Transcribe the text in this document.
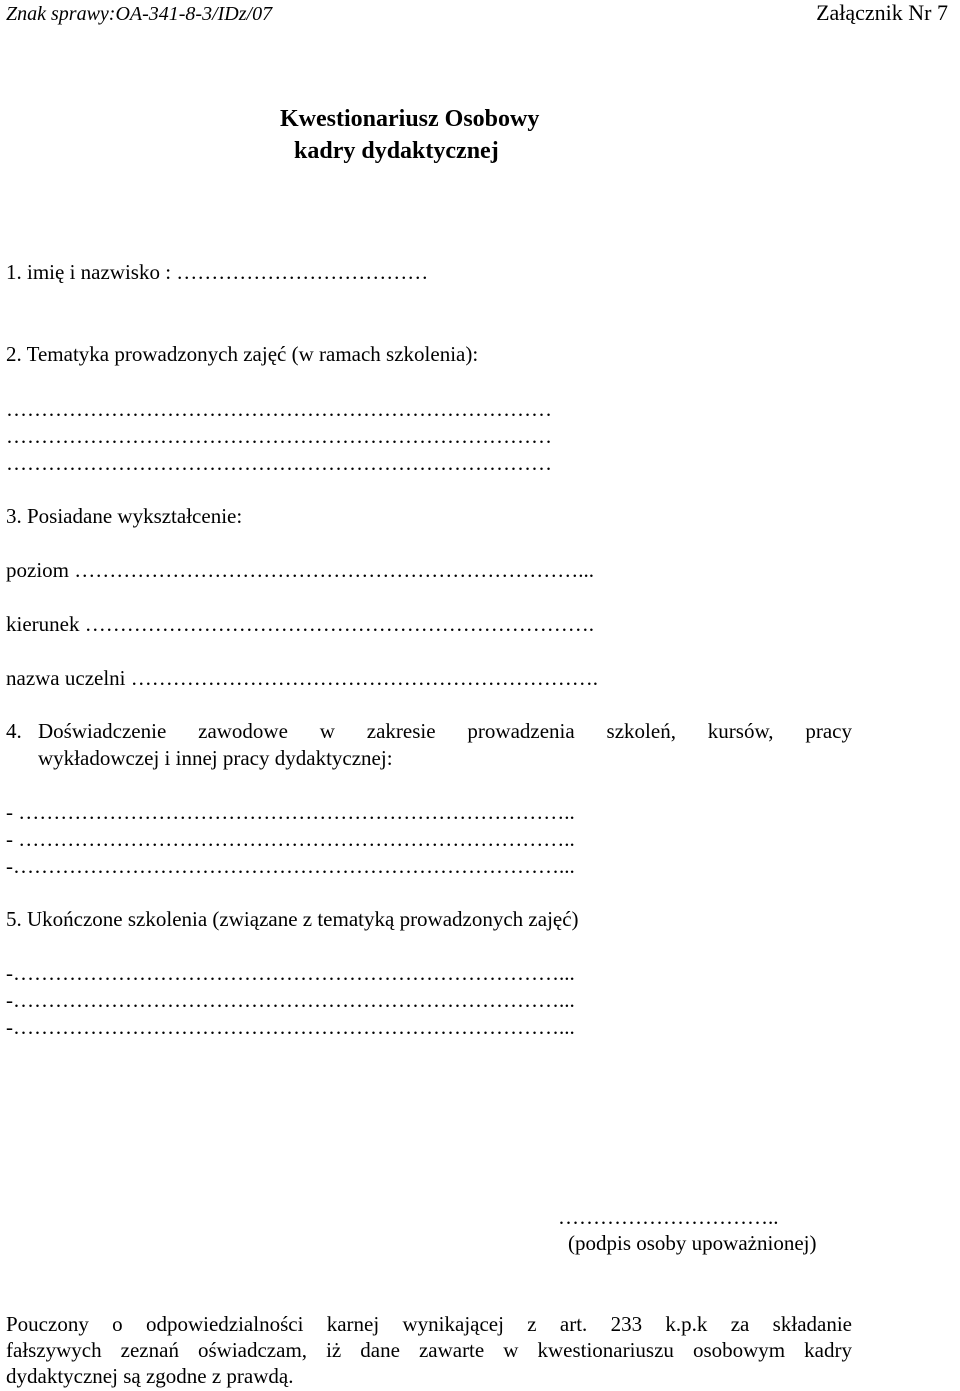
Znak sprawy:OA-341-8-3/IDz/07	Załącznik Nr 7
Kwestionariusz Osobowy
kadry dydaktycznej
1. imię i nazwisko : ………………………………
2. Tematyka prowadzonych zajęć (w ramach szkolenia):
……………………………………………………………………
……………………………………………………………………
……………………………………………………………………
3. Posiadane wykształcenie:
poziom ………………………………………………………………...
kierunek ……………………………………………………………….
nazwa uczelni ………………………………………………………….
4. Doświadczenie zawodowe w zakresie prowadzenia szkoleń, kursów, pracy
wykładowczej i innej pracy dydaktycznej:
- ……………………………………………………………………..
- ……………………………………………………………………..
-……………………………………………………………………...
5. Ukończone szkolenia (związane z tematyką prowadzonych zajęć)
-……………………………………………………………………...
-……………………………………………………………………...
-……………………………………………………………………...
…………………………..
(podpis osoby upoważnionej)
Pouczony o odpowiedzialności karnej wynikającej z art. 233 k.p.k za składanie
fałszywych zeznań oświadczam, iż dane zawarte w kwestionariuszu osobowym kadry
dydaktycznej są zgodne z prawdą.
